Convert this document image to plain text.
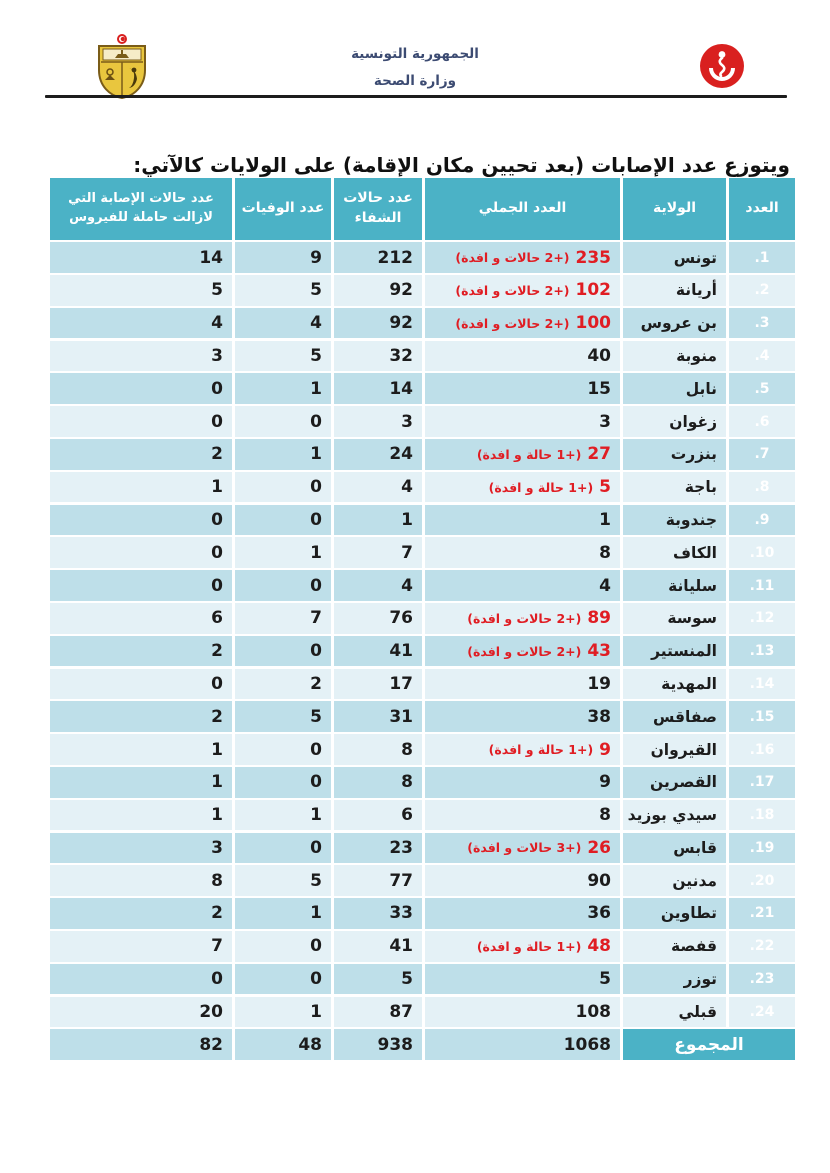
الجمهورية التونسية
وزارة الصحة

ويتوزع عدد الإصابات (بعد تحيين مكان الإقامة) على الولايات كالآتي:

العدد
الولاية
العدد الجملي
عدد حالات الشفاء
عدد الوفيات
عدد حالات الإصابة التي لازالت حاملة للفيروس
1.
تونس
235
(+2 حالات و افدة)
212
9
14
2.
أريانة
102
(+2 حالات و افدة)
92
5
5
3.
بن عروس
100
(+2 حالات و افدة)
92
4
4
4.
منوبة
40
32
5
3
5.
نابل
15
14
1
0
6.
زغوان
3
3
0
0
7.
بنزرت
27
(+1 حالة و افدة)
24
1
2
8.
باجة
5
(+1 حالة و افدة)
4
0
1
9.
جندوبة
1
1
0
0
10.
الكاف
8
7
1
0
11.
سليانة
4
4
0
0
12.
سوسة
89
(+2 حالات و افدة)
76
7
6
13.
المنستير
43
(+2 حالات و افدة)
41
0
2
14.
المهدية
19
17
2
0
15.
صفاقس
38
31
5
2
16.
القيروان
9
(+1 حالة و افدة)
8
0
1
17.
القصرين
9
8
0
1
18.
سيدي بوزيد
8
6
1
1
19.
قابس
26
(+3 حالات و افدة)
23
0
3
20.
مدنين
90
77
5
8
21.
تطاوين
36
33
1
2
22.
قفصة
48
(+1 حالة و افدة)
41
0
7
23.
توزر
5
5
0
0
24.
قبلي
108
87
1
20
المجموع
1068
938
48
82
